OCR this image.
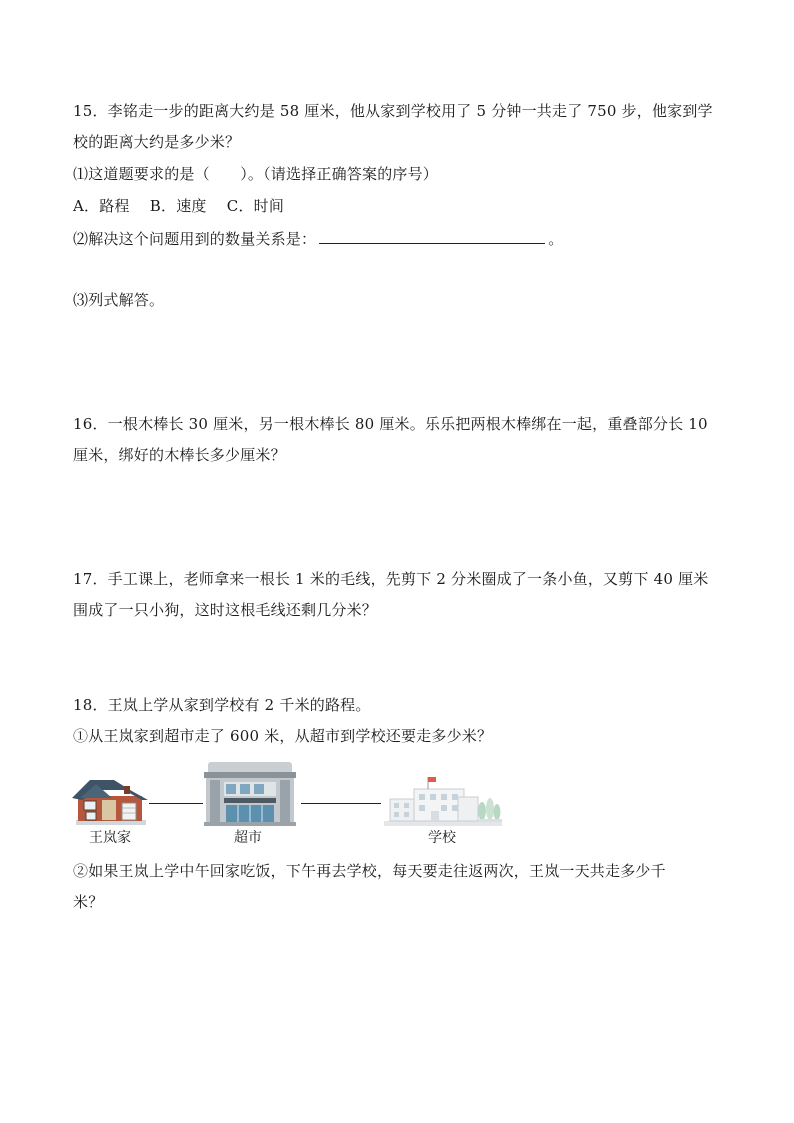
15．李铭走一步的距离大约是 58 厘米，他从家到学校用了 5 分钟一共走了 750 步，他家到学
校的距离大约是多少米？
⑴这道题要求的是（　　）。（请选择正确答案的序号）
A．路程　 B．速度　 C．时间
⑵解决这个问题用到的数量关系是：	。
⑶列式解答。
16．一根木棒长 30 厘米，另一根木棒长 80 厘米。乐乐把两根木棒绑在一起，重叠部分长 10
厘米，绑好的木棒长多少厘米？
17．手工课上，老师拿来一根长 1 米的毛线，先剪下 2 分米圈成了一条小鱼，又剪下 40 厘米
围成了一只小狗，这时这根毛线还剩几分米？
18．王岚上学从家到学校有 2 千米的路程。
①从王岚家到超市走了 600 米，从超市到学校还要走多少米？
王岚家	超市	学校
②如果王岚上学中午回家吃饭，下午再去学校，每天要走往返两次，王岚一天共走多少千
米？
